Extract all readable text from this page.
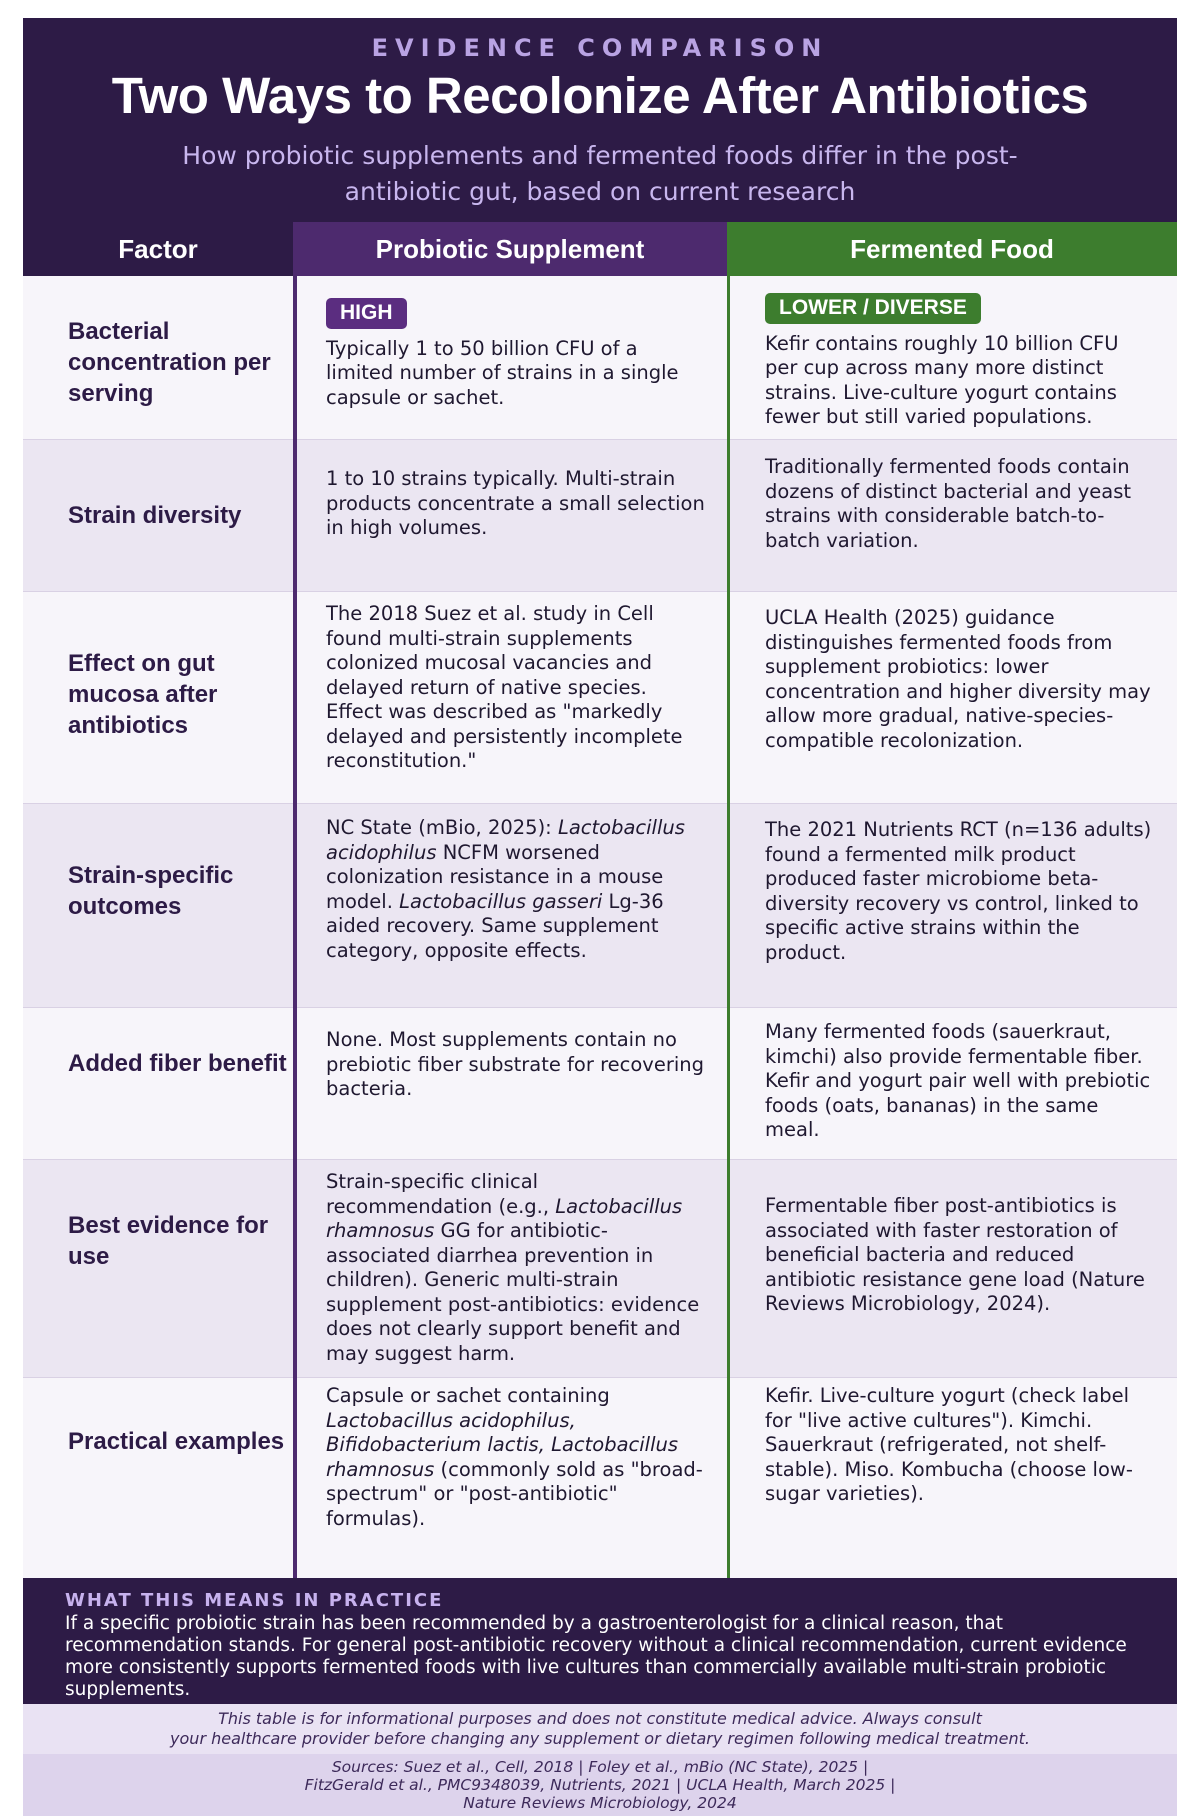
EVIDENCE COMPARISON
Two Ways to Recolonize After Antibiotics
How probiotic supplements and fermented foods differ in the post-antibiotic gut, based on current research
Factor	Probiotic Supplement	Fermented Food
Bacterial concentration per serving
HIGH
Typically 1 to 50 billion CFU of a limited number of strains in a single capsule or sachet.
LOWER / DIVERSE
Kefir contains roughly 10 billion CFU per cup across many more distinct strains. Live-culture yogurt contains fewer but still varied populations.
Strain diversity
1 to 10 strains typically. Multi-strain products concentrate a small selection in high volumes.
Traditionally fermented foods contain dozens of distinct bacterial and yeast strains with considerable batch-to-batch variation.
Effect on gut mucosa after antibiotics
The 2018 Suez et al. study in Cell found multi-strain supplements colonized mucosal vacancies and delayed return of native species. Effect was described as "markedly delayed and persistently incomplete reconstitution."
UCLA Health (2025) guidance distinguishes fermented foods from supplement probiotics: lower concentration and higher diversity may allow more gradual, native-species-compatible recolonization.
Strain-specific outcomes
NC State (mBio, 2025): Lactobacillus acidophilus NCFM worsened colonization resistance in a mouse model. Lactobacillus gasseri Lg-36 aided recovery. Same supplement category, opposite effects.
The 2021 Nutrients RCT (n=136 adults) found a fermented milk product produced faster microbiome beta-diversity recovery vs control, linked to specific active strains within the product.
Added fiber benefit
None. Most supplements contain no prebiotic fiber substrate for recovering bacteria.
Many fermented foods (sauerkraut, kimchi) also provide fermentable fiber. Kefir and yogurt pair well with prebiotic foods (oats, bananas) in the same meal.
Best evidence for use
Strain-specific clinical recommendation (e.g., Lactobacillus rhamnosus GG for antibiotic-associated diarrhea prevention in children). Generic multi-strain supplement post-antibiotics: evidence does not clearly support benefit and may suggest harm.
Fermentable fiber post-antibiotics is associated with faster restoration of beneficial bacteria and reduced antibiotic resistance gene load (Nature Reviews Microbiology, 2024).
Practical examples
Capsule or sachet containing Lactobacillus acidophilus, Bifidobacterium lactis, Lactobacillus rhamnosus (commonly sold as "broad-spectrum" or "post-antibiotic" formulas).
Kefir. Live-culture yogurt (check label for "live active cultures"). Kimchi. Sauerkraut (refrigerated, not shelf-stable). Miso. Kombucha (choose low-sugar varieties).
WHAT THIS MEANS IN PRACTICE
If a specific probiotic strain has been recommended by a gastroenterologist for a clinical reason, that recommendation stands. For general post-antibiotic recovery without a clinical recommendation, current evidence more consistently supports fermented foods with live cultures than commercially available multi-strain probiotic supplements.
This table is for informational purposes and does not constitute medical advice. Always consult
your healthcare provider before changing any supplement or dietary regimen following medical treatment.
Sources: Suez et al., Cell, 2018 | Foley et al., mBio (NC State), 2025 |
FitzGerald et al., PMC9348039, Nutrients, 2021 | UCLA Health, March 2025 |
Nature Reviews Microbiology, 2024
